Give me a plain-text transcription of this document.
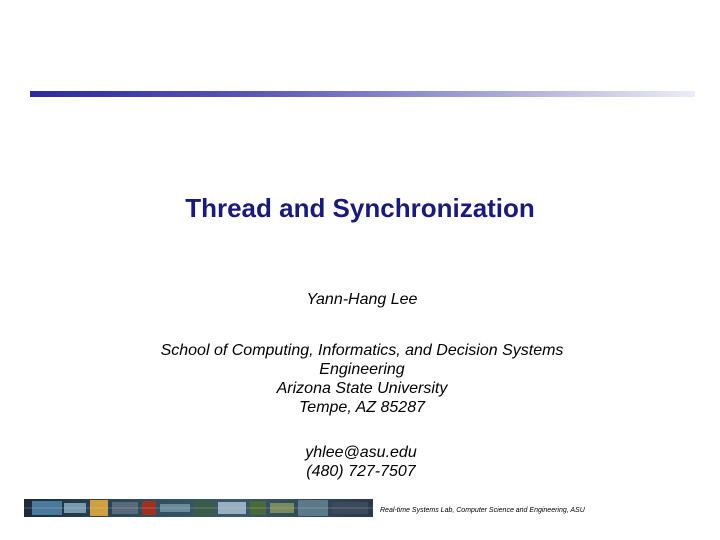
Thread and Synchronization
Yann-Hang Lee
School of Computing, Informatics, and Decision Systems
Engineering
Arizona State University
Tempe, AZ 85287
yhlee@asu.edu
(480) 727-7507
Real-time Systems Lab, Computer Science and Engineering, ASU
